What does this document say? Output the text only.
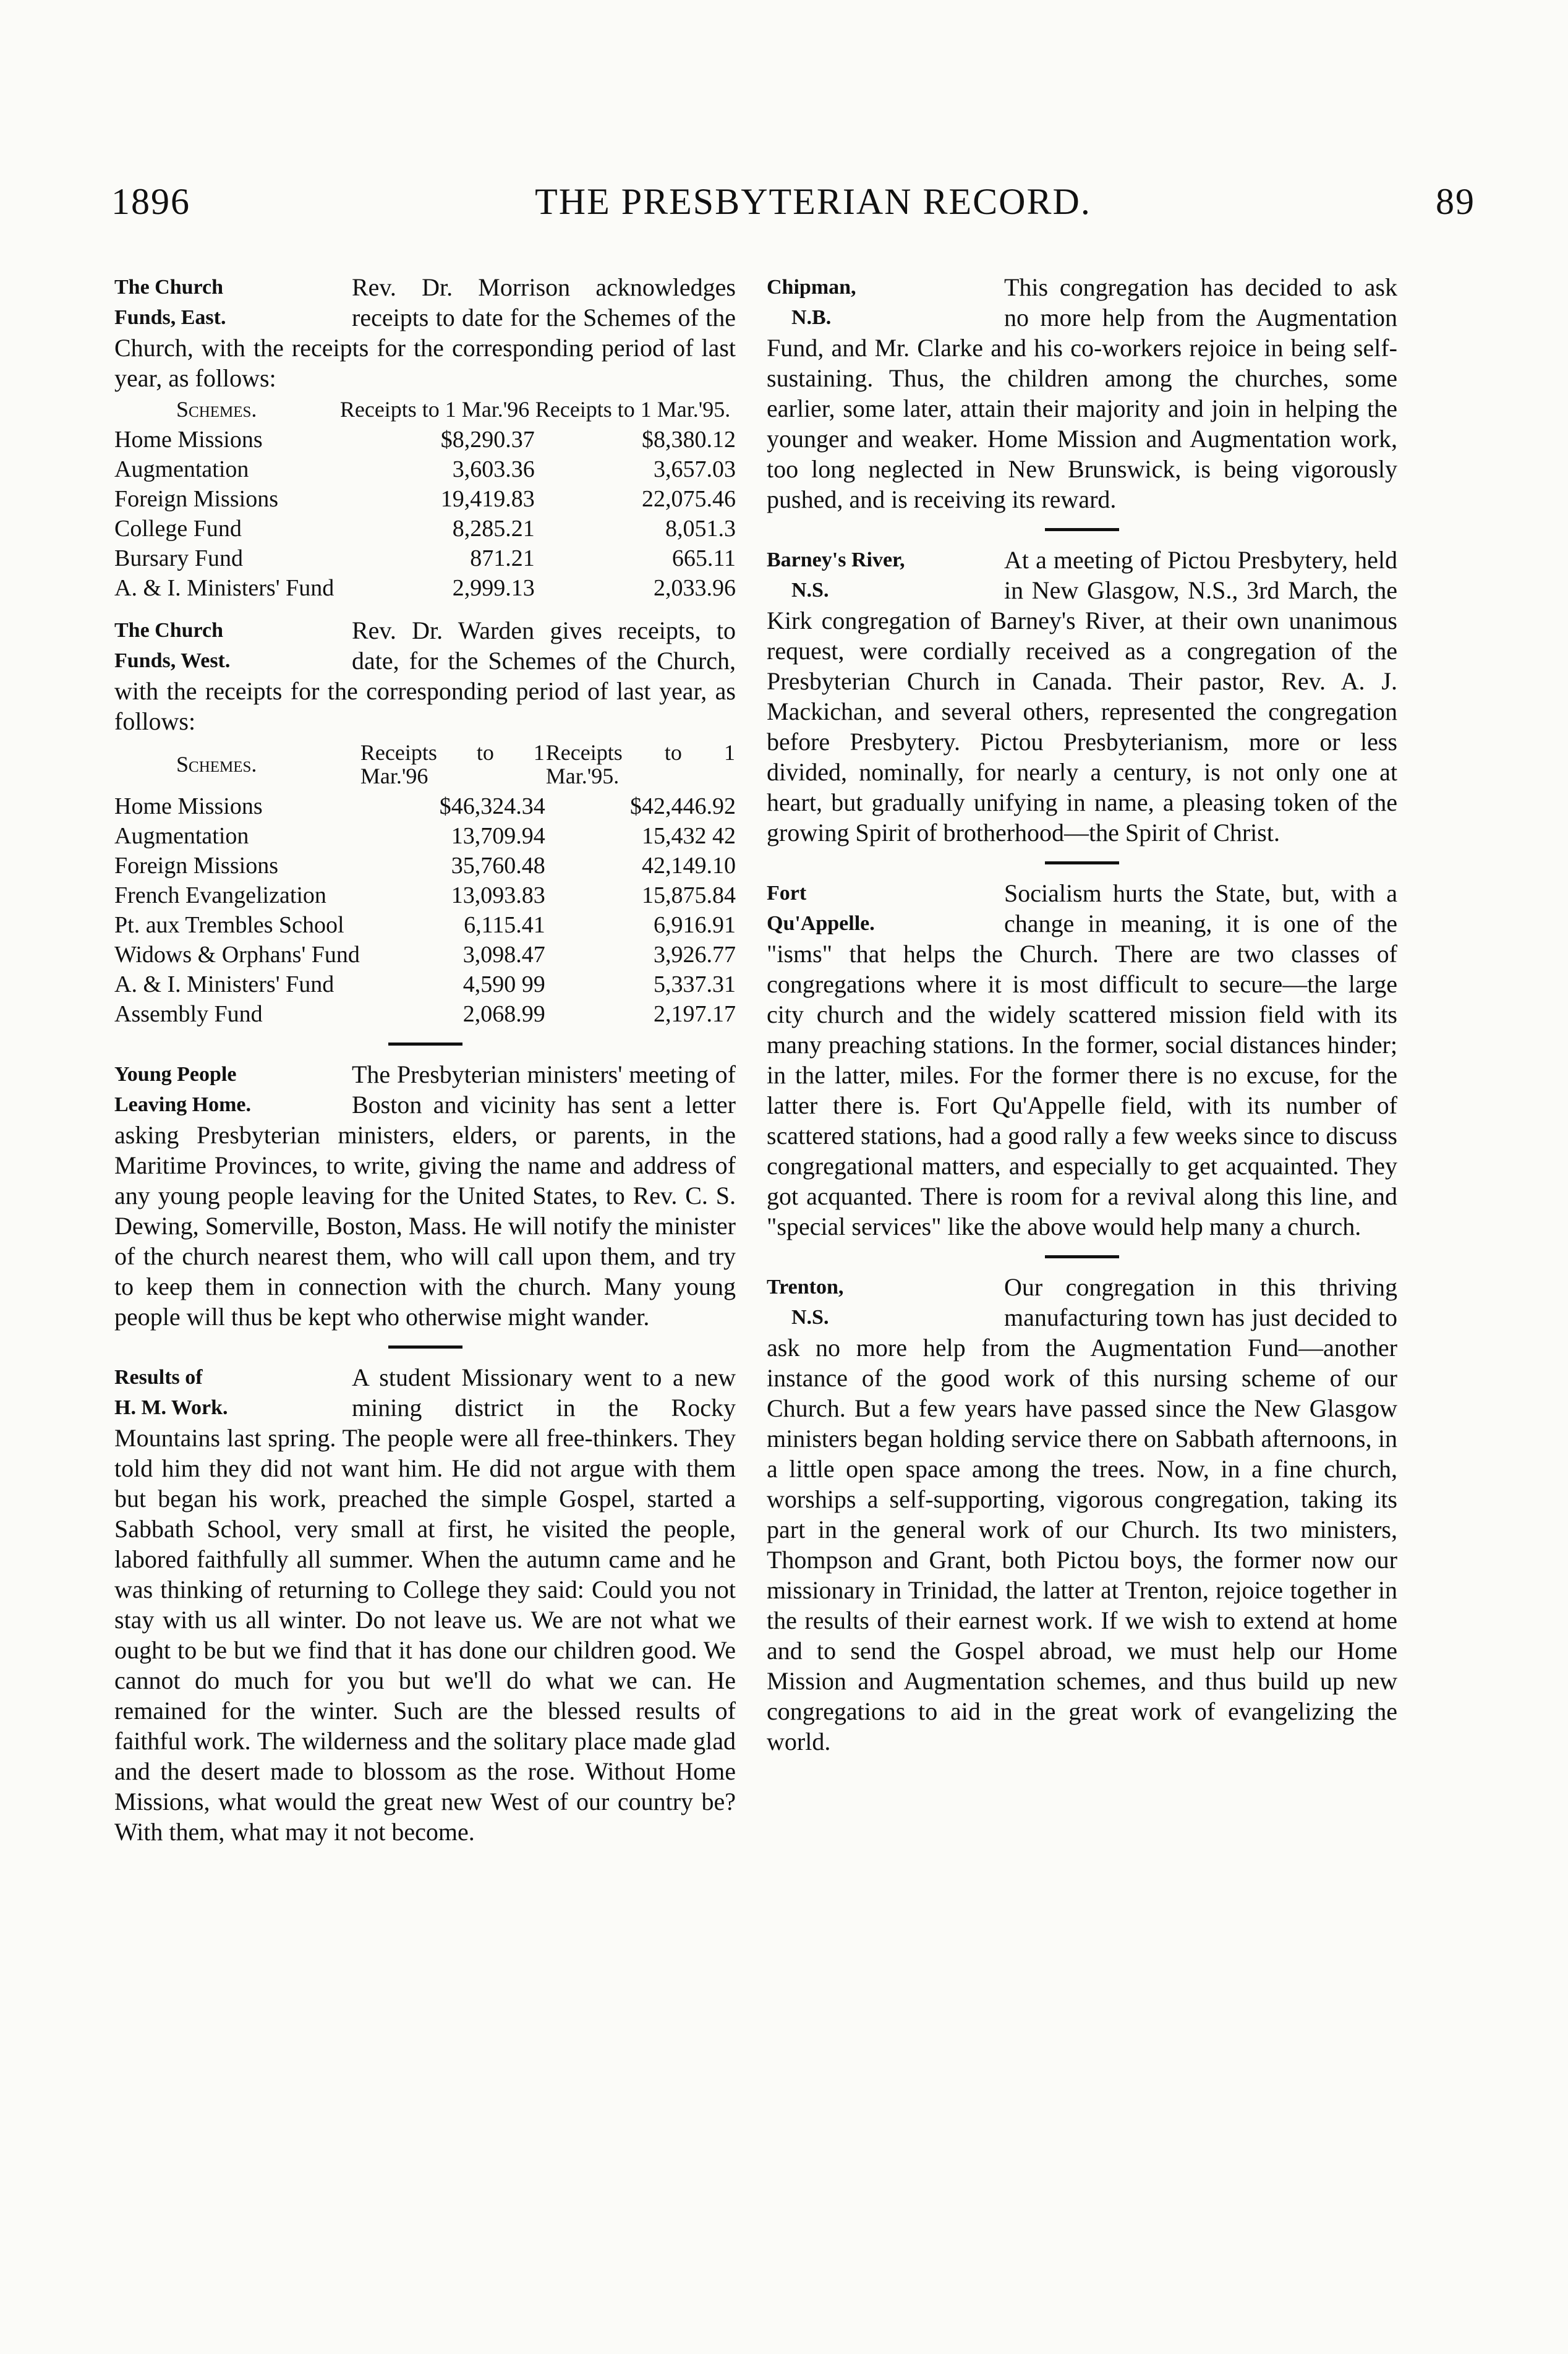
1896	THE PRESBYTERIAN RECORD.	89
The Church
Funds, East.

Rev. Dr. Morrison acknowledges receipts to date for the Schemes of the Church, with the receipts for the corresponding period of last year, as follows:

Schemes.	Receipts to 1 Mar.'96	Receipts to 1 Mar.'95.
Home Missions	$8,290.37	$8,380.12
Augmentation	3,603.36	3,657.03
Foreign Missions	19,419.83	22,075.46
College Fund	8,285.21	8,051.3
Bursary Fund	871.21	665.11
A. & I. Ministers' Fund	2,999.13	2,033.96
The Church
Funds, West.

Rev. Dr. Warden gives receipts, to date, for the Schemes of the Church, with the receipts for the corresponding period of last year, as follows:

Schemes.	Receipts to 1 Mar.'96	Receipts to 1 Mar.'95.
Home Missions	$46,324.34	$42,446.92
Augmentation	13,709.94	15,432 42
Foreign Missions	35,760.48	42,149.10
French Evangelization	13,093.83	15,875.84
Pt. aux Trembles School	6,115.41	6,916.91
Widows & Orphans' Fund	3,098.47	3,926.77
A. & I. Ministers' Fund	4,590 99	5,337.31
Assembly Fund	2,068.99	2,197.17
Young People
Leaving Home.

The Presbyterian ministers' meeting of Boston and vicinity has sent a letter asking Presbyterian ministers, elders, or parents, in the Maritime Provinces, to write, giving the name and address of any young people leaving for the United States, to Rev. C. S. Dewing, Somerville, Boston, Mass. He will notify the minister of the church nearest them, who will call upon them, and try to keep them in connection with the church. Many young people will thus be kept who otherwise might wander.

Results of
H. M. Work.

A student Missionary went to a new mining district in the Rocky Mountains last spring. The people were all free-thinkers. They told him they did not want him. He did not argue with them but began his work, preached the simple Gospel, started a Sabbath School, very small at first, he visited the people, labored faithfully all summer. When the autumn came and he was thinking of returning to College they said: Could you not stay with us all winter. Do not leave us. We are not what we ought to be but we find that it has done our children good. We cannot do much for you but we'll do what we can. He remained for the winter. Such are the blessed results of faithful work. The wilderness and the solitary place made glad and the desert made to blossom as the rose. Without Home Missions, what would the great new West of our country be? With them, what may it not become.

Chipman,
N.B.

This congregation has decided to ask no more help from the Augmentation Fund, and Mr. Clarke and his co-workers rejoice in being self-sustaining. Thus, the children among the churches, some earlier, some later, attain their majority and join in helping the younger and weaker. Home Mission and Augmentation work, too long neglected in New Brunswick, is being vigorously pushed, and is receiving its reward.

Barney's River,
N.S.

At a meeting of Pictou Presbytery, held in New Glasgow, N.S., 3rd March, the Kirk congregation of Barney's River, at their own unanimous request, were cordially received as a congregation of the Presbyterian Church in Canada. Their pastor, Rev. A. J. Mackichan, and several others, represented the congregation before Presbytery. Pictou Presbyterianism, more or less divided, nominally, for nearly a century, is not only one at heart, but gradually unifying in name, a pleasing token of the growing Spirit of brotherhood—the Spirit of Christ.

Fort
Qu'Appelle.

Socialism hurts the State, but, with a change in meaning, it is one of the "isms" that helps the Church. There are two classes of congregations where it is most difficult to secure—the large city church and the widely scattered mission field with its many preaching stations. In the former, social distances hinder; in the latter, miles. For the former there is no excuse, for the latter there is. Fort Qu'Appelle field, with its number of scattered stations, had a good rally a few weeks since to discuss congregational matters, and especially to get acquainted. They got acquanted. There is room for a revival along this line, and "special services" like the above would help many a church.

Trenton,
N.S.

Our congregation in this thriving manufacturing town has just decided to ask no more help from the Augmentation Fund—another instance of the good work of this nursing scheme of our Church. But a few years have passed since the New Glasgow ministers began holding service there on Sabbath afternoons, in a little open space among the trees. Now, in a fine church, worships a self-supporting, vigorous congregation, taking its part in the general work of our Church. Its two ministers, Thompson and Grant, both Pictou boys, the former now our missionary in Trinidad, the latter at Trenton, rejoice together in the results of their earnest work. If we wish to extend at home and to send the Gospel abroad, we must help our Home Mission and Augmentation schemes, and thus build up new congregations to aid in the great work of evangelizing the world.
